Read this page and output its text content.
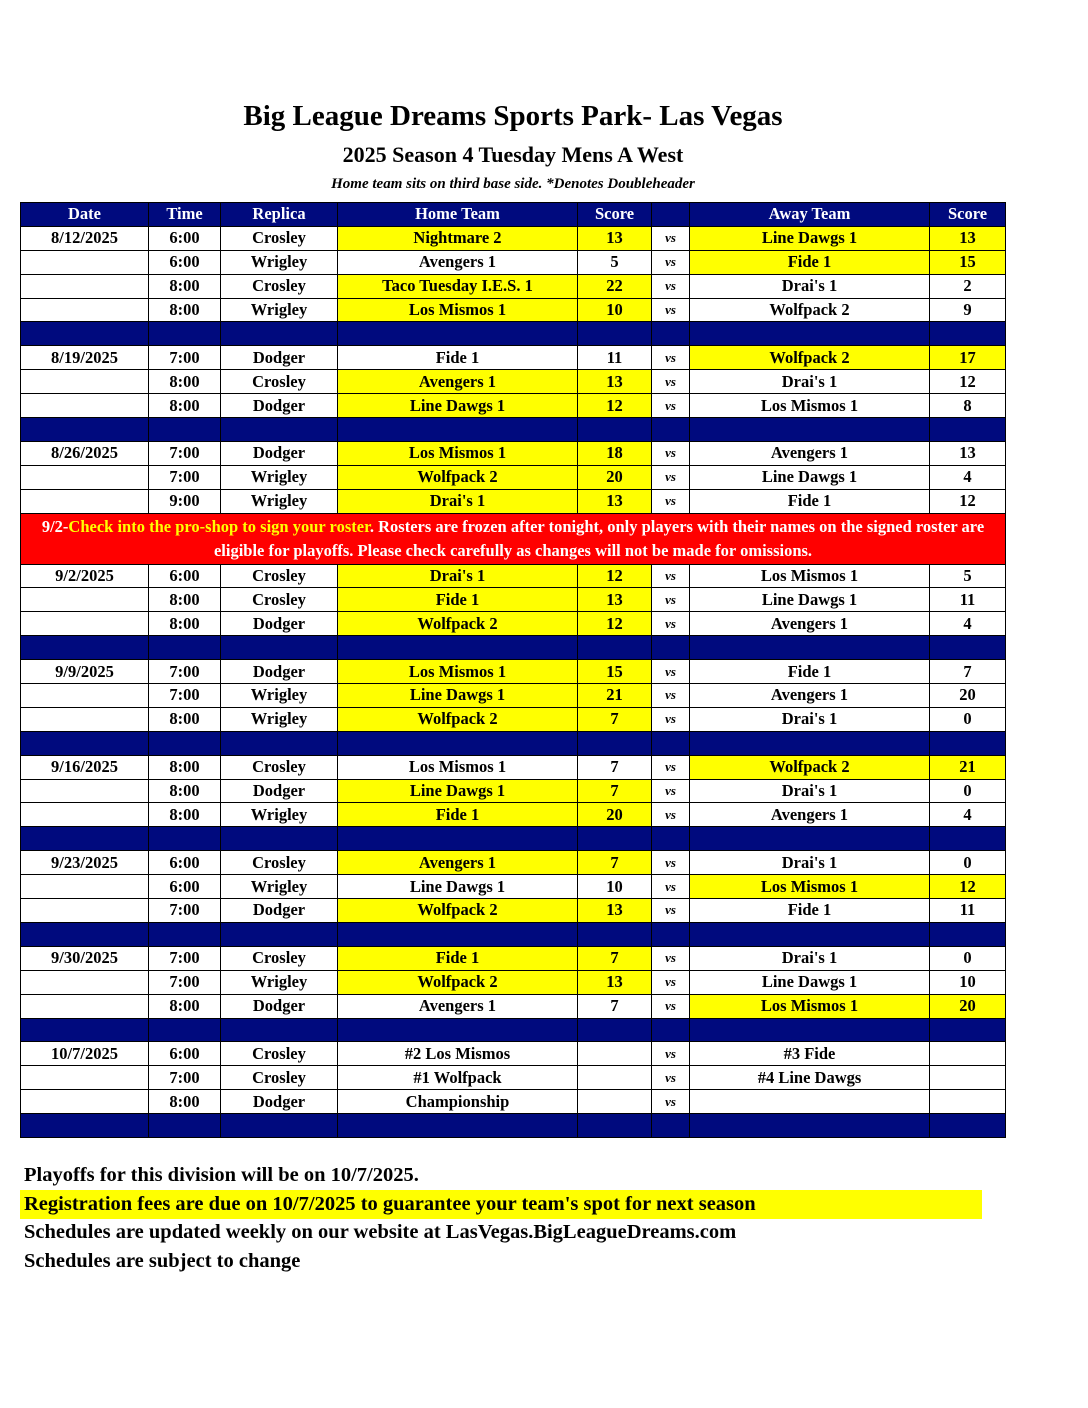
Big League Dreams Sports Park- Las Vegas
2025 Season 4 Tuesday Mens A West
Home team sits on third base side. *Denotes Doubleheader
Date	Time	Replica	Home Team	Score		Away Team	Score
8/12/2025	6:00	Crosley	Nightmare 2	13	vs	Line Dawgs 1	13
	6:00	Wrigley	Avengers 1	5	vs	Fide 1	15
	8:00	Crosley	Taco Tuesday I.E.S. 1	22	vs	Drai's 1	2
	8:00	Wrigley	Los Mismos 1	10	vs	Wolfpack 2	9

8/19/2025	7:00	Dodger	Fide 1	11	vs	Wolfpack 2	17
	8:00	Crosley	Avengers 1	13	vs	Drai's 1	12
	8:00	Dodger	Line Dawgs 1	12	vs	Los Mismos 1	8

8/26/2025	7:00	Dodger	Los Mismos 1	18	vs	Avengers 1	13
	7:00	Wrigley	Wolfpack 2	20	vs	Line Dawgs 1	4
	9:00	Wrigley	Drai's 1	13	vs	Fide 1	12
9/2-Check into the pro-shop to sign your roster. Rosters are frozen after tonight, only players with their names on the signed roster are eligible for playoffs. Please check carefully as changes will not be made for omissions.							
9/2/2025	6:00	Crosley	Drai's 1	12	vs	Los Mismos 1	5
	8:00	Crosley	Fide 1	13	vs	Line Dawgs 1	11
	8:00	Dodger	Wolfpack 2	12	vs	Avengers 1	4

9/9/2025	7:00	Dodger	Los Mismos 1	15	vs	Fide 1	7
	7:00	Wrigley	Line Dawgs 1	21	vs	Avengers 1	20
	8:00	Wrigley	Wolfpack 2	7	vs	Drai's 1	0

9/16/2025	8:00	Crosley	Los Mismos 1	7	vs	Wolfpack 2	21
	8:00	Dodger	Line Dawgs 1	7	vs	Drai's 1	0
	8:00	Wrigley	Fide 1	20	vs	Avengers 1	4

9/23/2025	6:00	Crosley	Avengers 1	7	vs	Drai's 1	0
	6:00	Wrigley	Line Dawgs 1	10	vs	Los Mismos 1	12
	7:00	Dodger	Wolfpack 2	13	vs	Fide 1	11

9/30/2025	7:00	Crosley	Fide 1	7	vs	Drai's 1	0
	7:00	Wrigley	Wolfpack 2	13	vs	Line Dawgs 1	10
	8:00	Dodger	Avengers 1	7	vs	Los Mismos 1	20

10/7/2025	6:00	Crosley	#2 Los Mismos		vs	#3 Fide	
	7:00	Crosley	#1 Wolfpack		vs	#4 Line Dawgs	
	8:00	Dodger	Championship		vs		

Playoffs for this division will be on 10/7/2025.
Registration fees are due on 10/7/2025 to guarantee your team's spot for next season
Schedules are updated weekly on our website at LasVegas.BigLeagueDreams.com
Schedules are subject to change
